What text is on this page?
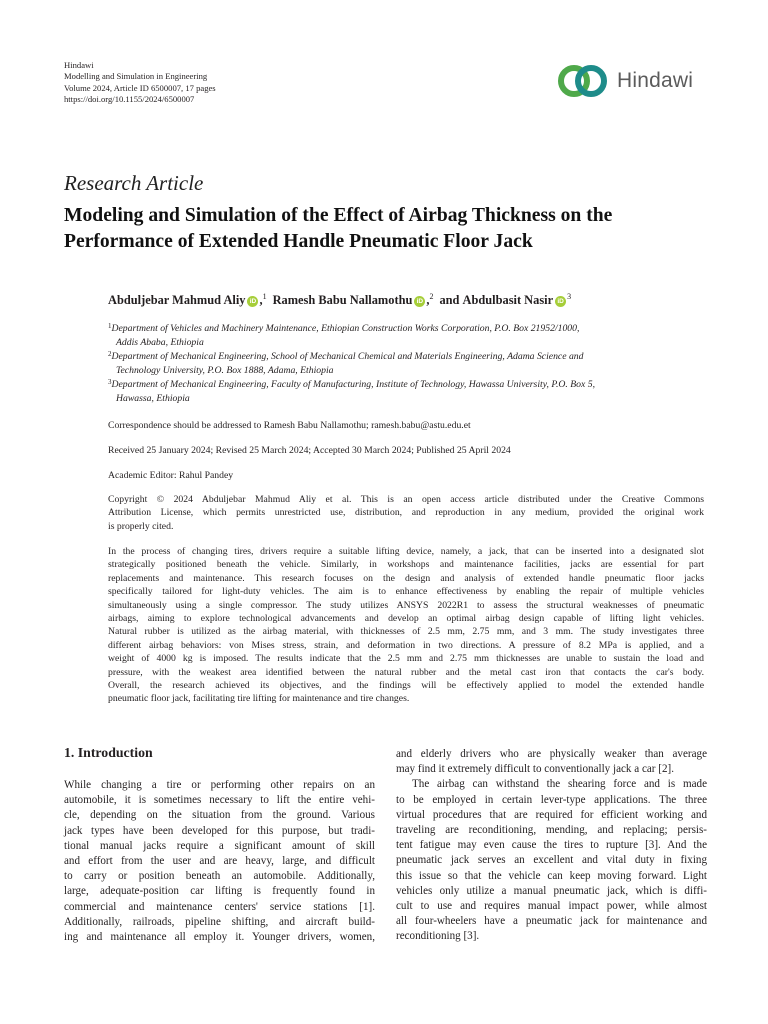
Hindawi
Modelling and Simulation in Engineering
Volume 2024, Article ID 6500007, 17 pages
https://doi.org/10.1155/2024/6500007
Hindawi
Research Article
Modeling and Simulation of the Effect of Airbag Thickness on the
Performance of Extended Handle Pneumatic Floor Jack
Abduljebar Mahmud Aliy iD ,$^1$ Ramesh Babu Nallamothu iD ,$^2$ and Abdulbasit Nasir iD
$^3$
$^1$Department of Vehicles and Machinery Maintenance, Ethiopian Construction Works Corporation, P.O. Box 21952/1000,
Addis Ababa, Ethiopia
$^2$Department of Mechanical Engineering, School of Mechanical Chemical and Materials Engineering, Adama Science and
Technology University, P.O. Box 1888, Adama, Ethiopia
$^3$Department of Mechanical Engineering, Faculty of Manufacturing, Institute of Technology, Hawassa University, P.O. Box 5,
Hawassa, Ethiopia
Correspondence should be addressed to Ramesh Babu Nallamothu; ramesh.babu@astu.edu.et
Received 25 January 2024; Revised 25 March 2024; Accepted 30 March 2024; Published 25 April 2024
Academic Editor: Rahul Pandey
Copyright © 2024 Abduljebar Mahmud Aliy et al. This is an open access article distributed under the Creative Commons
Attribution License, which permits unrestricted use, distribution, and reproduction in any medium, provided the original work
is properly cited.
In the process of changing tires, drivers require a suitable lifting device, namely, a jack, that can be inserted into a designated slot
strategically positioned beneath the vehicle. Similarly, in workshops and maintenance facilities, jacks are essential for part
replacements and maintenance. This research focuses on the design and analysis of extended handle pneumatic floor jacks
specifically tailored for light-duty vehicles. The aim is to enhance effectiveness by enabling the repair of multiple vehicles
simultaneously using a single compressor. The study utilizes ANSYS 2022R1 to assess the structural weaknesses of pneumatic
airbags, aiming to explore technological advancements and develop an optimal airbag design capable of lifting light vehicles.
Natural rubber is utilized as the airbag material, with thicknesses of 2.5 mm, 2.75 mm, and 3 mm. The study investigates three
different airbag behaviors: von Mises stress, strain, and deformation in two directions. A pressure of 8.2 MPa is applied, and a
weight of 4000 kg is imposed. The results indicate that the 2.5 mm and 2.75 mm thicknesses are unable to sustain the load and
pressure, with the weakest area identified between the natural rubber and the metal cast iron that contacts the car's body.
Overall, the research achieved its objectives, and the findings will be effectively applied to model the extended handle
pneumatic floor jack, facilitating tire lifting for maintenance and tire changes.
1. Introduction
While changing a tire or performing other repairs on an
automobile, it is sometimes necessary to lift the entire vehi-
cle, depending on the situation from the ground. Various
jack types have been developed for this purpose, but tradi-
tional manual jacks require a significant amount of skill
and effort from the user and are heavy, large, and difficult
to carry or position beneath an automobile. Additionally,
large, adequate-position car lifting is frequently found in
commercial and maintenance centers' service stations [1].
Additionally, railroads, pipeline shifting, and aircraft build-
ing and maintenance all employ it. Younger drivers, women,
and elderly drivers who are physically weaker than average
may find it extremely difficult to conventionally jack a car [2].
The airbag can withstand the shearing force and is made
to be employed in certain lever-type applications. The three
virtual procedures that are required for efficient working and
traveling are reconditioning, mending, and replacing; persis-
tent fatigue may even cause the tires to rupture [3]. And the
pneumatic jack serves an excellent and vital duty in fixing
this issue so that the vehicle can keep moving forward. Light
vehicles only utilize a manual pneumatic jack, which is diffi-
cult to use and requires manual impact power, while almost
all four-wheelers have a pneumatic jack for maintenance and
reconditioning [3].
